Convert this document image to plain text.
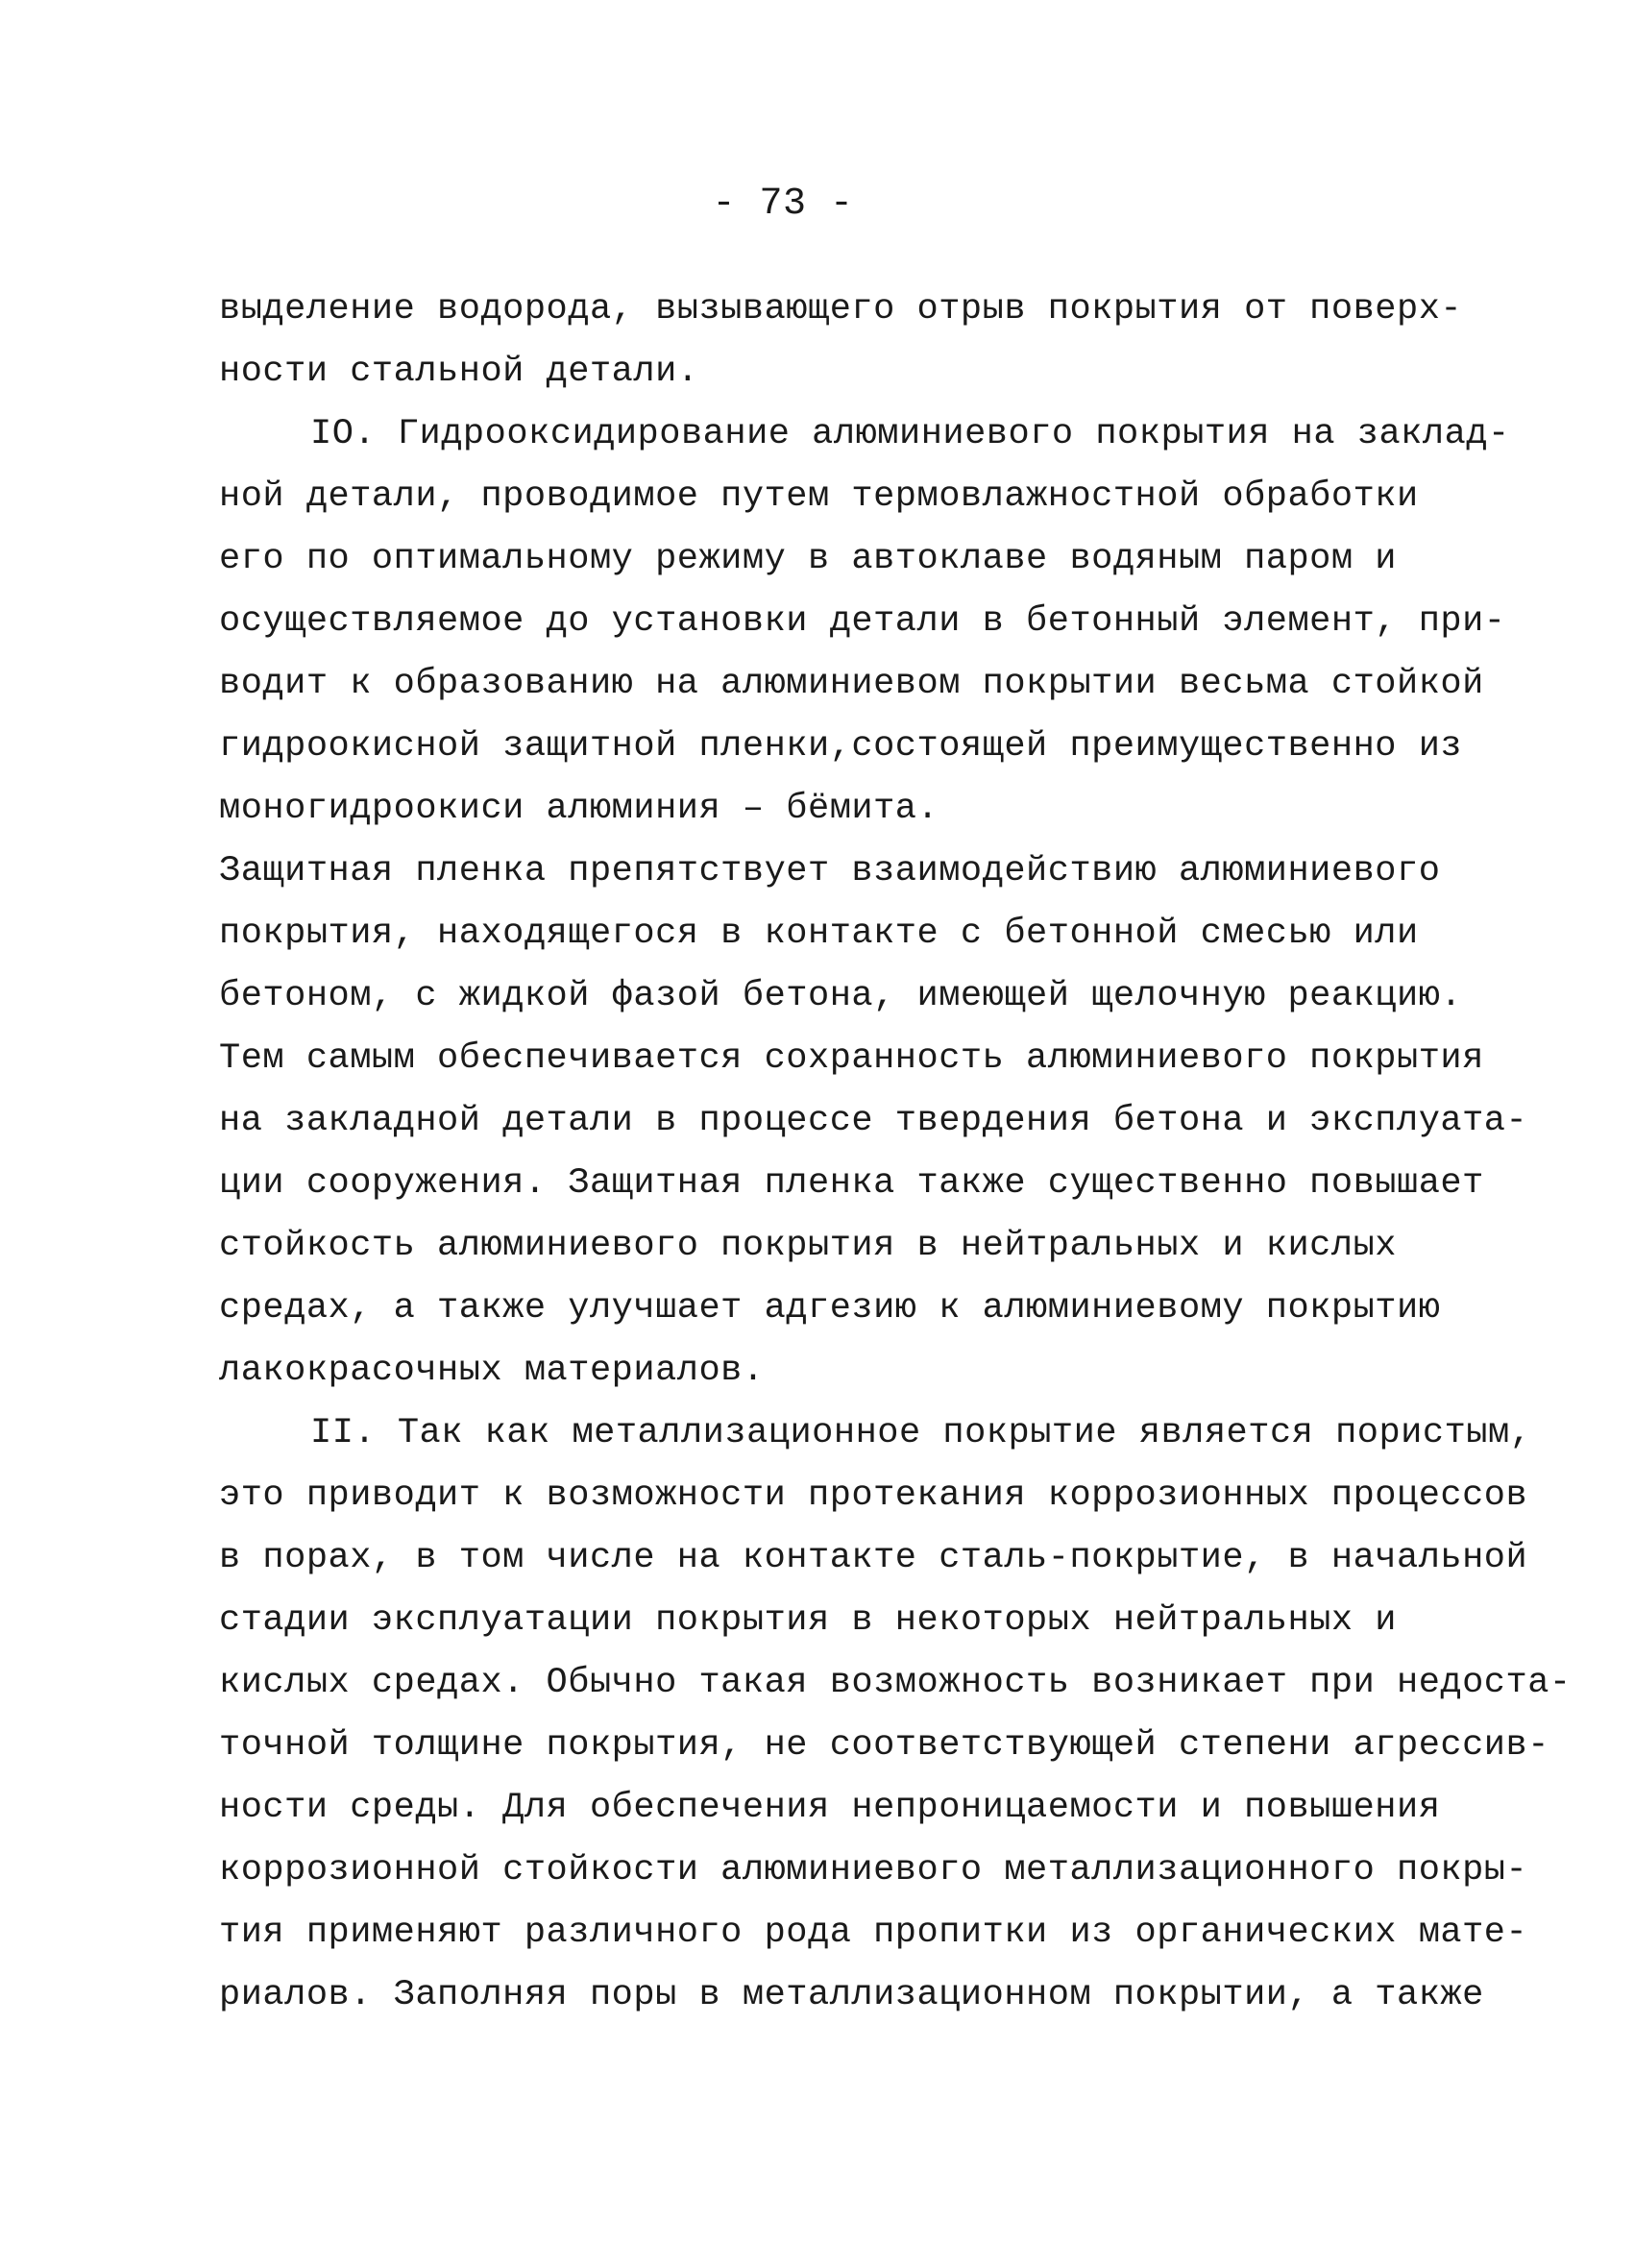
- 73 -
выделение водорода, вызывающего отрыв покрытия от поверх-
ности стальной детали.
IO. Гидрооксидирование алюминиевого покрытия на заклад-
ной детали, проводимое путем термовлажностной обработки
его по оптимальному режиму в автоклаве водяным паром и
осуществляемое до установки детали в бетонный элемент, при-
водит к образованию на алюминиевом покрытии весьма стойкой
гидроокисной защитной пленки,состоящей преимущественно из
моногидроокиси алюминия – бёмита.
Защитная пленка препятствует взаимодействию алюминиевого
покрытия, находящегося в контакте с бетонной смесью или
бетоном, с жидкой фазой бетона, имеющей щелочную реакцию.
Тем самым обеспечивается сохранность алюминиевого покрытия
на закладной детали в процессе твердения бетона и эксплуата-
ции сооружения. Защитная пленка также существенно повышает
стойкость алюминиевого покрытия в нейтральных и кислых
средах, а также улучшает адгезию к алюминиевому покрытию
лакокрасочных материалов.
II. Так как металлизационное покрытие является пористым,
это приводит к возможности протекания коррозионных процессов
в порах, в том числе на контакте сталь-покрытие, в начальной
стадии эксплуатации покрытия в некоторых нейтральных и
кислых средах. Обычно такая возможность возникает при недоста-
точной толщине покрытия, не соответствующей степени агрессив-
ности среды. Для обеспечения непроницаемости и повышения
коррозионной стойкости алюминиевого металлизационного покры-
тия применяют различного рода пропитки из органических мате-
риалов. Заполняя поры в металлизационном покрытии, а также
